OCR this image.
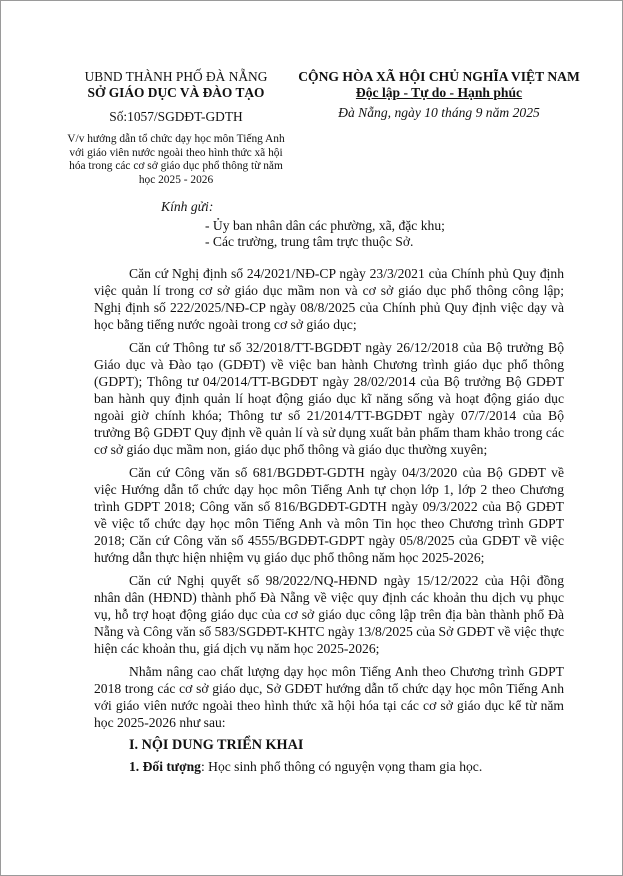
UBND THÀNH PHỐ ĐÀ NẴNG
SỞ GIÁO DỤC VÀ ĐÀO TẠO
Số:1057/SGDĐT-GDTH
V/v hướng dẫn tổ chức dạy học môn Tiếng Anh với giáo viên nước ngoài theo hình thức xã hội hóa trong các cơ sở giáo dục phổ thông từ năm học 2025 - 2026
CỘNG HÒA XÃ HỘI CHỦ NGHĨA VIỆT NAM
Độc lập - Tự do - Hạnh phúc
Đà Nẵng, ngày 10 tháng 9 năm 2025
Kính gửi:
- Ủy ban nhân dân các phường, xã, đặc khu;
- Các trường, trung tâm trực thuộc Sở.

Căn cứ Nghị định số 24/2021/NĐ-CP ngày 23/3/2021 của Chính phủ Quy định việc quản lí trong cơ sở giáo dục mầm non và cơ sở giáo dục phổ thông công lập; Nghị định số 222/2025/NĐ-CP ngày 08/8/2025 của Chính phủ Quy định việc dạy và học bằng tiếng nước ngoài trong cơ sở giáo dục;

Căn cứ Thông tư số 32/2018/TT-BGDĐT ngày 26/12/2018 của Bộ trưởng Bộ Giáo dục và Đào tạo (GDĐT) về việc ban hành Chương trình giáo dục phổ thông (GDPT); Thông tư 04/2014/TT-BGDĐT ngày 28/02/2014 của Bộ trưởng Bộ GDĐT ban hành quy định quản lí hoạt động giáo dục kĩ năng sống và hoạt động giáo dục ngoài giờ chính khóa; Thông tư số 21/2014/TT-BGDĐT ngày 07/7/2014 của Bộ trưởng Bộ GDĐT Quy định về quản lí và sử dụng xuất bản phẩm tham khảo trong các cơ sở giáo dục mầm non, giáo dục phổ thông và giáo dục thường xuyên;

Căn cứ Công văn số 681/BGDĐT-GDTH ngày 04/3/2020 của Bộ GDĐT về việc Hướng dẫn tổ chức dạy học môn Tiếng Anh tự chọn lớp 1, lớp 2 theo Chương trình GDPT 2018; Công văn số 816/BGDĐT-GDTH ngày 09/3/2022 của Bộ GDĐT về việc tổ chức dạy học môn Tiếng Anh và môn Tin học theo Chương trình GDPT 2018; Căn cứ Công văn số 4555/BGDĐT-GDPT ngày 05/8/2025 của GDĐT về việc hướng dẫn thực hiện nhiệm vụ giáo dục phổ thông năm học 2025-2026;

Căn cứ Nghị quyết số 98/2022/NQ-HĐND ngày 15/12/2022 của Hội đồng nhân dân (HĐND) thành phố Đà Nẵng về việc quy định các khoản thu dịch vụ phục vụ, hỗ trợ hoạt động giáo dục của cơ sở giáo dục công lập trên địa bàn thành phố Đà Nẵng và Công văn số 583/SGDĐT-KHTC ngày 13/8/2025 của Sở GDĐT về việc thực hiện các khoản thu, giá dịch vụ năm học 2025-2026;

Nhằm nâng cao chất lượng dạy học môn Tiếng Anh theo Chương trình GDPT 2018 trong các cơ sở giáo dục, Sở GDĐT hướng dẫn tổ chức dạy học môn Tiếng Anh với giáo viên nước ngoài theo hình thức xã hội hóa tại các cơ sở giáo dục kể từ năm học 2025-2026 như sau:

I. NỘI DUNG TRIỂN KHAI
1. Đối tượng: Học sinh phổ thông có nguyện vọng tham gia học.
